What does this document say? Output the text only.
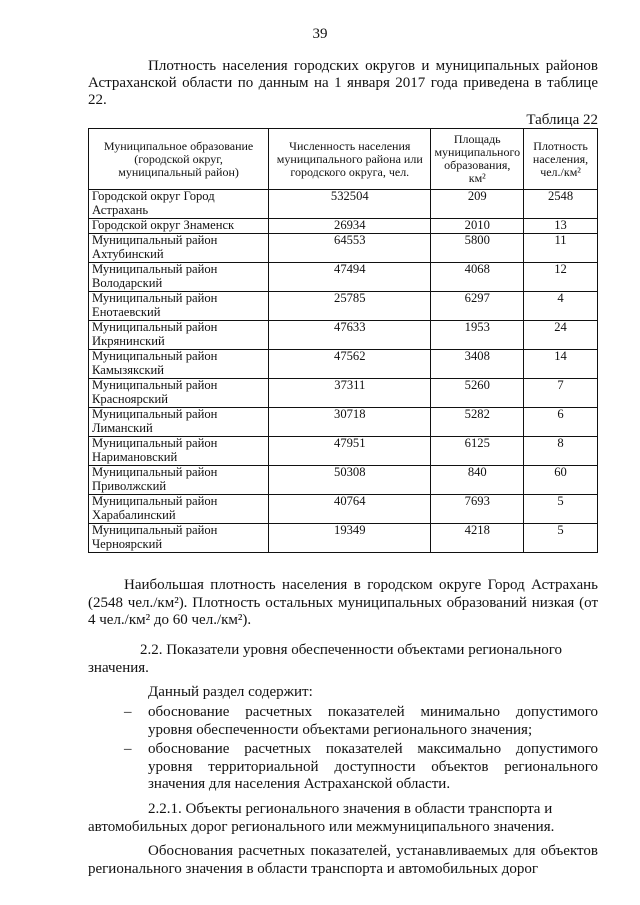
39
Плотность населения городских округов и муниципальных районов Астраханской области по данным на 1 января 2017 года приведена в таблице 22.
Таблица 22
Муниципальное образование (городской округ, муниципальный район)	Численность населения муниципального района или городского округа, чел.	Площадь муниципального образования, км²	Плотность населения, чел./км²
Городской округ Город Астрахань	532504	209	2548
Городской округ Знаменск	26934	2010	13
Муниципальный район Ахтубинский	64553	5800	11
Муниципальный район Володарский	47494	4068	12
Муниципальный район Енотаевский	25785	6297	4
Муниципальный район Икрянинский	47633	1953	24
Муниципальный район Камызякский	47562	3408	14
Муниципальный район Красноярский	37311	5260	7
Муниципальный район Лиманский	30718	5282	6
Муниципальный район Наримановский	47951	6125	8
Муниципальный район Приволжский	50308	840	60
Муниципальный район Харабалинский	40764	7693	5
Муниципальный район Черноярский	19349	4218	5
Наибольшая плотность населения в городском округе Город Астрахань (2548 чел./км²). Плотность остальных муниципальных образований низкая (от 4 чел./км² до 60 чел./км²).
2.2. Показатели уровня обеспеченности объектами регионального значения.
Данный раздел содержит:
–	обоснование расчетных показателей минимально допустимого уровня обеспеченности объектами регионального значения;
–	обоснование расчетных показателей максимально допустимого уровня территориальной доступности объектов регионального значения для населения Астраханской области.
2.2.1. Объекты регионального значения в области транспорта и автомобильных дорог регионального или межмуниципального значения.
Обоснования расчетных показателей, устанавливаемых для объектов регионального значения в области транспорта и автомобильных дорог
